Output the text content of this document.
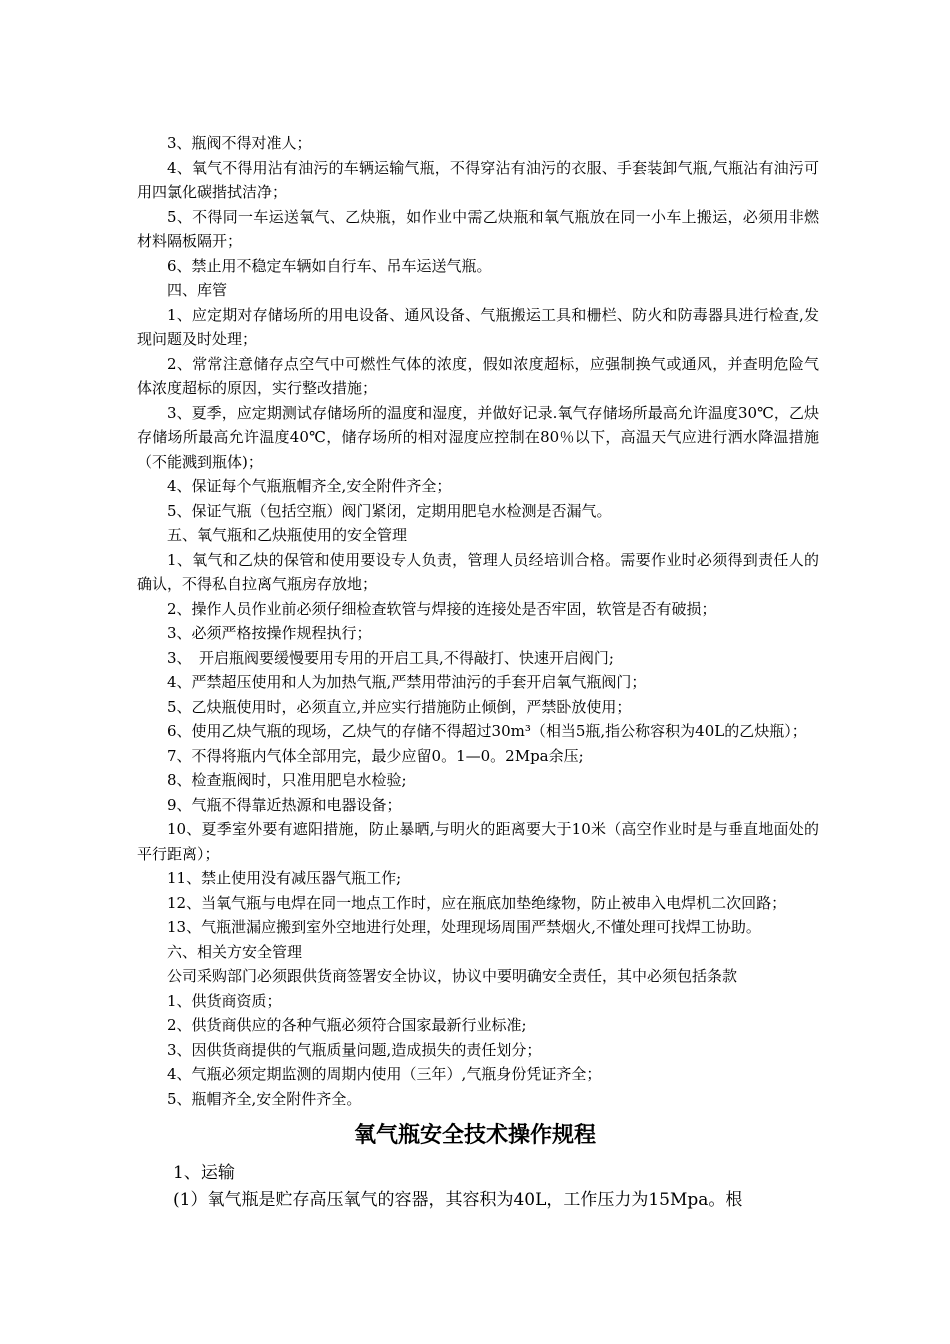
3、瓶阀不得对准人；

4、氧气不得用沾有油污的车辆运输气瓶，不得穿沾有油污的衣服、手套装卸气瓶,气瓶沾有油污可用四氯化碳揩拭洁净；

5、不得同一车运送氧气、乙炔瓶，如作业中需乙炔瓶和氧气瓶放在同一小车上搬运，必须用非燃材料隔板隔开；

6、禁止用不稳定车辆如自行车、吊车运送气瓶。

四、库管

1、应定期对存储场所的用电设备、通风设备、气瓶搬运工具和栅栏、防火和防毒器具进行检查,发现问题及时处理；

2、常常注意储存点空气中可燃性气体的浓度，假如浓度超标，应强制换气或通风，并查明危险气体浓度超标的原因，实行整改措施；

3、夏季，应定期测试存储场所的温度和湿度，并做好记录.氧气存储场所最高允许温度30℃，乙炔存储场所最高允许温度40℃，储存场所的相对湿度应控制在80％以下，高温天气应进行洒水降温措施（不能溅到瓶体)；

4、保证每个气瓶瓶帽齐全,安全附件齐全；

5、保证气瓶（包括空瓶）阀门紧闭，定期用肥皂水检测是否漏气。

五、氧气瓶和乙炔瓶使用的安全管理

1、氧气和乙炔的保管和使用要设专人负责，管理人员经培训合格。需要作业时必须得到责任人的确认，不得私自拉离气瓶房存放地；

2、操作人员作业前必须仔细检查软管与焊接的连接处是否牢固，软管是否有破损；

3、必须严格按操作规程执行；

3、　开启瓶阀要缓慢要用专用的开启工具,不得敲打、快速开启阀门;

4、严禁超压使用和人为加热气瓶,严禁用带油污的手套开启氧气瓶阀门；

5、乙炔瓶使用时，必须直立,并应实行措施防止倾倒，严禁卧放使用；

6、使用乙炔气瓶的现场，乙炔气的存储不得超过30m³（相当5瓶,指公称容积为40L的乙炔瓶）；

7、不得将瓶内气体全部用完，最少应留0。1—0。2Mpa余压;

8、检查瓶阀时，只准用肥皂水检验;

9、气瓶不得靠近热源和电器设备；

10、夏季室外要有遮阳措施，防止暴晒,与明火的距离要大于10米（高空作业时是与垂直地面处的平行距离）；

11、禁止使用没有减压器气瓶工作;

12、当氧气瓶与电焊在同一地点工作时，应在瓶底加垫绝缘物，防止被串入电焊机二次回路；

13、气瓶泄漏应搬到室外空地进行处理，处理现场周围严禁烟火,不懂处理可找焊工协助。

六、相关方安全管理

公司采购部门必须跟供货商签署安全协议，协议中要明确安全责任，其中必须包括条款

1、供货商资质；

2、供货商供应的各种气瓶必须符合国家最新行业标准;

3、因供货商提供的气瓶质量问题,造成损失的责任划分；

4、气瓶必须定期监测的周期内使用（三年）,气瓶身份凭证齐全；

5、瓶帽齐全,安全附件齐全。

氧气瓶安全技术操作规程

1、运输

(1）氧气瓶是贮存高压氧气的容器，其容积为40L，工作压力为15Mpa。根
